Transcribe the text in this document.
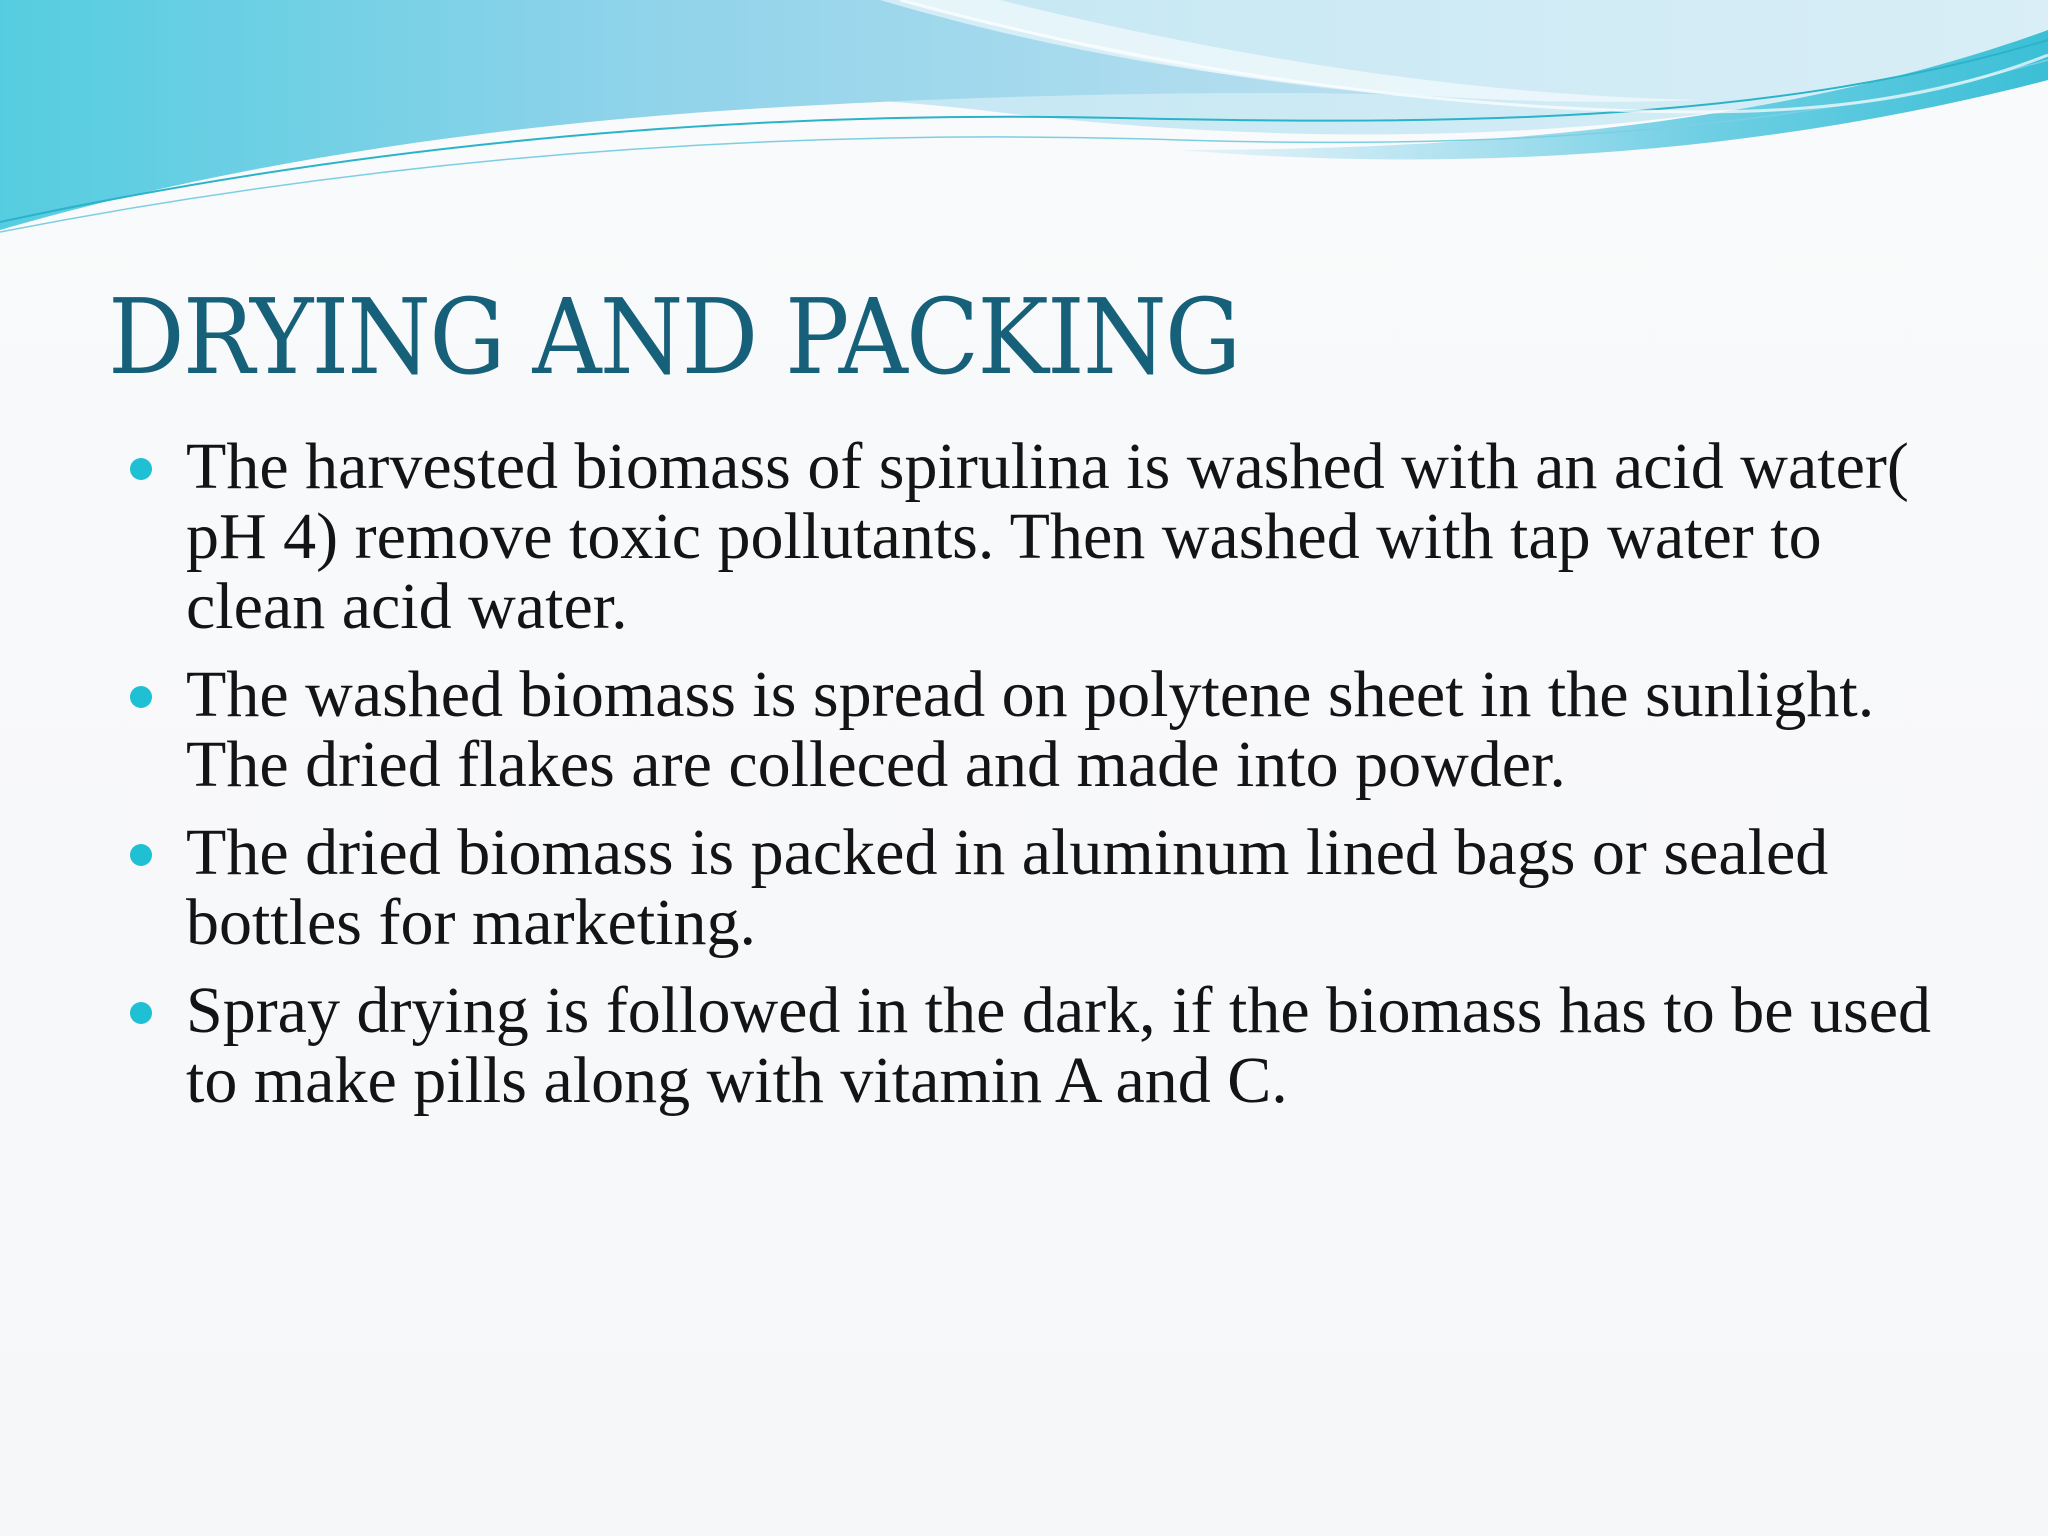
DRYING AND PACKING
The harvested biomass of spirulina is washed with an acid water( pH 4) remove toxic pollutants. Then washed with tap water to clean acid water.
The washed biomass is spread on polytene sheet in the sunlight. The dried flakes are colleced and made into powder.
The dried biomass is packed in aluminum lined bags or sealed bottles for marketing.
Spray drying is followed in the dark, if the biomass has to be used to make pills along with vitamin A and C.
